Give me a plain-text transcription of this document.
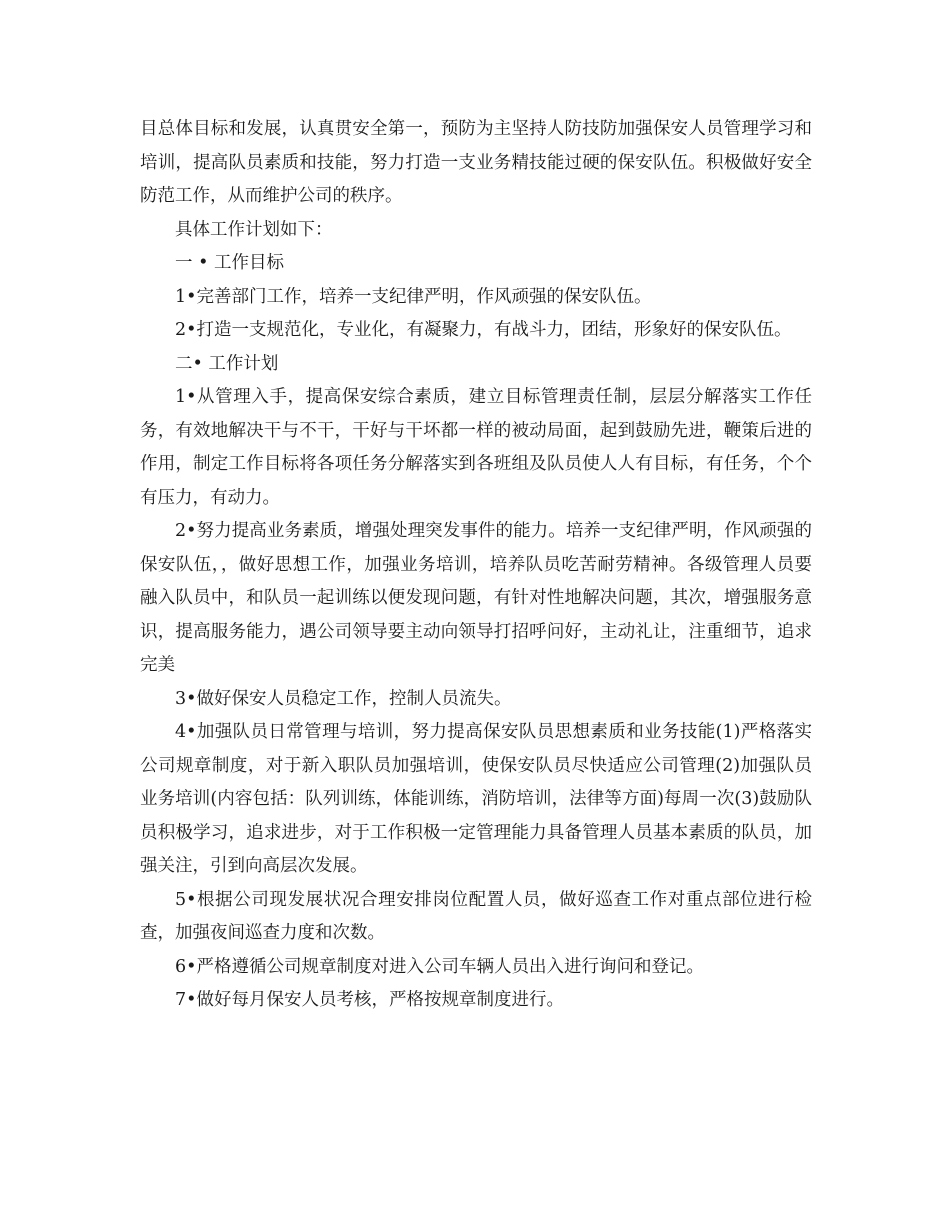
目总体目标和发展，认真贯安全第一，预防为主坚持人防技防加强保安人员管理学习和培训，提高队员素质和技能，努力打造一支业务精技能过硬的保安队伍。积极做好安全防范工作，从而维护公司的秩序。

具体工作计划如下：

一 • 工作目标

1•完善部门工作，培养一支纪律严明，作风顽强的保安队伍。

2•打造一支规范化，专业化，有凝聚力，有战斗力，团结，形象好的保安队伍。

二• 工作计划

1•从管理入手，提高保安综合素质，建立目标管理责任制，层层分解落实工作任务，有效地解决干与不干，干好与干坏都一样的被动局面，起到鼓励先进，鞭策后进的作用，制定工作目标将各项任务分解落实到各班组及队员使人人有目标，有任务，个个有压力，有动力。

2•努力提高业务素质，增强处理突发事件的能力。培养一支纪律严明，作风顽强的保安队伍，，做好思想工作，加强业务培训，培养队员吃苦耐劳精神。各级管理人员要融入队员中，和队员一起训练以便发现问题，有针对性地解决问题，其次，增强服务意识，提高服务能力，遇公司领导要主动向领导打招呼问好，主动礼让，注重细节，追求完美

3•做好保安人员稳定工作，控制人员流失。

4•加强队员日常管理与培训，努力提高保安队员思想素质和业务技能(1)严格落实公司规章制度，对于新入职队员加强培训，使保安队员尽快适应公司管理(2)加强队员业务培训(内容包括：队列训练，体能训练，消防培训，法律等方面)每周一次(3)鼓励队员积极学习，追求进步，对于工作积极一定管理能力具备管理人员基本素质的队员，加强关注，引到向高层次发展。

5•根据公司现发展状况合理安排岗位配置人员，做好巡查工作对重点部位进行检查，加强夜间巡查力度和次数。

6•严格遵循公司规章制度对进入公司车辆人员出入进行询问和登记。

7•做好每月保安人员考核，严格按规章制度进行。
